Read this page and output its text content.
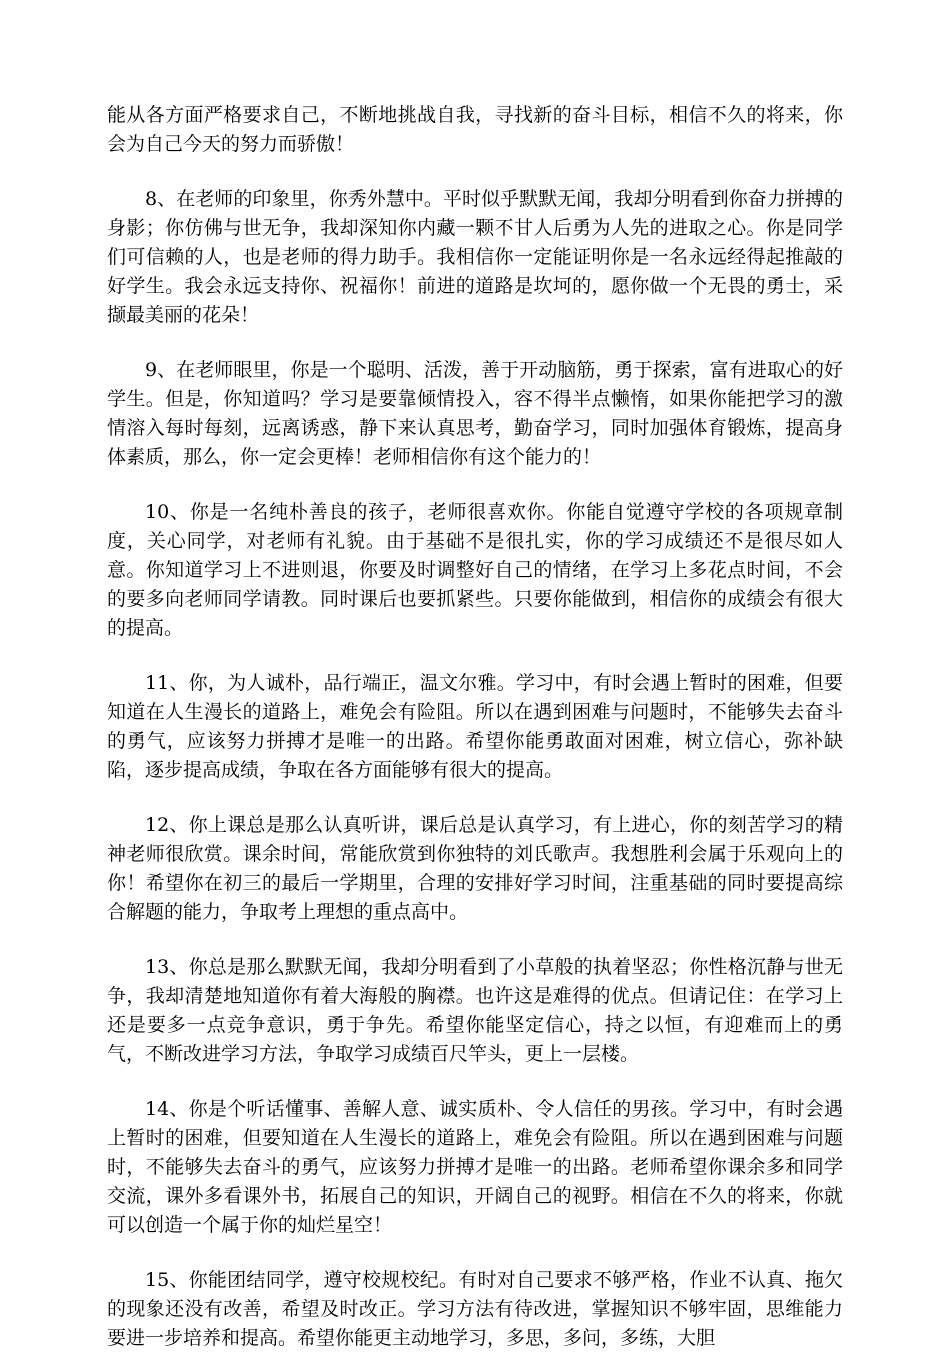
能从各方面严格要求自己，不断地挑战自我，寻找新的奋斗目标，相信不久的将来，你会为自己今天的努力而骄傲！

8、在老师的印象里，你秀外慧中。平时似乎默默无闻，我却分明看到你奋力拼搏的身影；你仿佛与世无争，我却深知你内藏一颗不甘人后勇为人先的进取之心。你是同学们可信赖的人，也是老师的得力助手。我相信你一定能证明你是一名永远经得起推敲的好学生。我会永远支持你、祝福你！前进的道路是坎坷的，愿你做一个无畏的勇士，采撷最美丽的花朵！

9、在老师眼里，你是一个聪明、活泼，善于开动脑筋，勇于探索，富有进取心的好学生。但是，你知道吗？学习是要靠倾情投入，容不得半点懒惰，如果你能把学习的激情溶入每时每刻，远离诱惑，静下来认真思考，勤奋学习，同时加强体育锻炼，提高身体素质，那么，你一定会更棒！老师相信你有这个能力的！

10、你是一名纯朴善良的孩子，老师很喜欢你。你能自觉遵守学校的各项规章制度，关心同学，对老师有礼貌。由于基础不是很扎实，你的学习成绩还不是很尽如人意。你知道学习上不进则退，你要及时调整好自己的情绪，在学习上多花点时间，不会的要多向老师同学请教。同时课后也要抓紧些。只要你能做到，相信你的成绩会有很大的提高。

11、你，为人诚朴，品行端正，温文尔雅。学习中，有时会遇上暂时的困难，但要知道在人生漫长的道路上，难免会有险阻。所以在遇到困难与问题时，不能够失去奋斗的勇气，应该努力拼搏才是唯一的出路。希望你能勇敢面对困难，树立信心，弥补缺陷，逐步提高成绩，争取在各方面能够有很大的提高。

12、你上课总是那么认真听讲，课后总是认真学习，有上进心，你的刻苦学习的精神老师很欣赏。课余时间，常能欣赏到你独特的刘氏歌声。我想胜利会属于乐观向上的你！希望你在初三的最后一学期里，合理的安排好学习时间，注重基础的同时要提高综合解题的能力，争取考上理想的重点高中。

13、你总是那么默默无闻，我却分明看到了小草般的执着坚忍；你性格沉静与世无争，我却清楚地知道你有着大海般的胸襟。也许这是难得的优点。但请记住：在学习上还是要多一点竞争意识，勇于争先。希望你能坚定信心，持之以恒，有迎难而上的勇气，不断改进学习方法，争取学习成绩百尺竿头，更上一层楼。

14、你是个听话懂事、善解人意、诚实质朴、令人信任的男孩。学习中，有时会遇上暂时的困难，但要知道在人生漫长的道路上，难免会有险阻。所以在遇到困难与问题时，不能够失去奋斗的勇气，应该努力拼搏才是唯一的出路。老师希望你课余多和同学交流，课外多看课外书，拓展自己的知识，开阔自己的视野。相信在不久的将来，你就可以创造一个属于你的灿烂星空！

15、你能团结同学，遵守校规校纪。有时对自己要求不够严格，作业不认真、拖欠的现象还没有改善，希望及时改正。学习方法有待改进，掌握知识不够牢固，思维能力要进一步培养和提高。希望你能更主动地学习，多思，多问，多练，大胆
